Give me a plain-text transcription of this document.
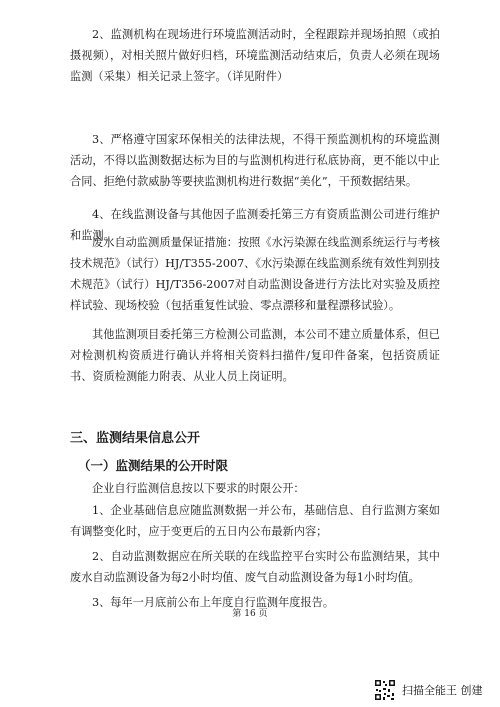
2、监测机构在现场进行环境监测活动时，全程跟踪并现场拍照（或拍摄视频），对相关照片做好归档，环境监测活动结束后，负责人必须在现场监测（采集）相关记录上签字。（详见附件）

3、严格遵守国家环保相关的法律法规，不得干预监测机构的环境监测活动，不得以监测数据达标为目的与监测机构进行私底协商，更不能以中止合同、拒绝付款威胁等要挟监测机构进行数据“美化”，干预数据结果。

4、在线监测设备与其他因子监测委托第三方有资质监测公司进行维护和监测。

废水自动监测质量保证措施：按照《水污染源在线监测系统运行与考核技术规范》（试行）HJ/T355-2007、《水污染源在线监测系统有效性判别技术规范》（试行）HJ/T356-2007对自动监测设备进行方法比对实验及质控样试验、现场校验（包括重复性试验、零点漂移和量程漂移试验）。

其他监测项目委托第三方检测公司监测，本公司不建立质量体系，但已对检测机构资质进行确认并将相关资料扫描件/复印件备案，包括资质证书、资质检测能力附表、从业人员上岗证明。

三、监测结果信息公开
（一）监测结果的公开时限

企业自行监测信息按以下要求的时限公开：

1、企业基础信息应随监测数据一并公布，基础信息、自行监测方案如有调整变化时，应于变更后的五日内公布最新内容；

2、自动监测数据应在所关联的在线监控平台实时公布监测结果，其中废水自动监测设备为每2小时均值、废气自动监测设备为每1小时均值。

3、每年一月底前公布上年度自行监测年度报告。

第 16 页
扫描全能王 创建
